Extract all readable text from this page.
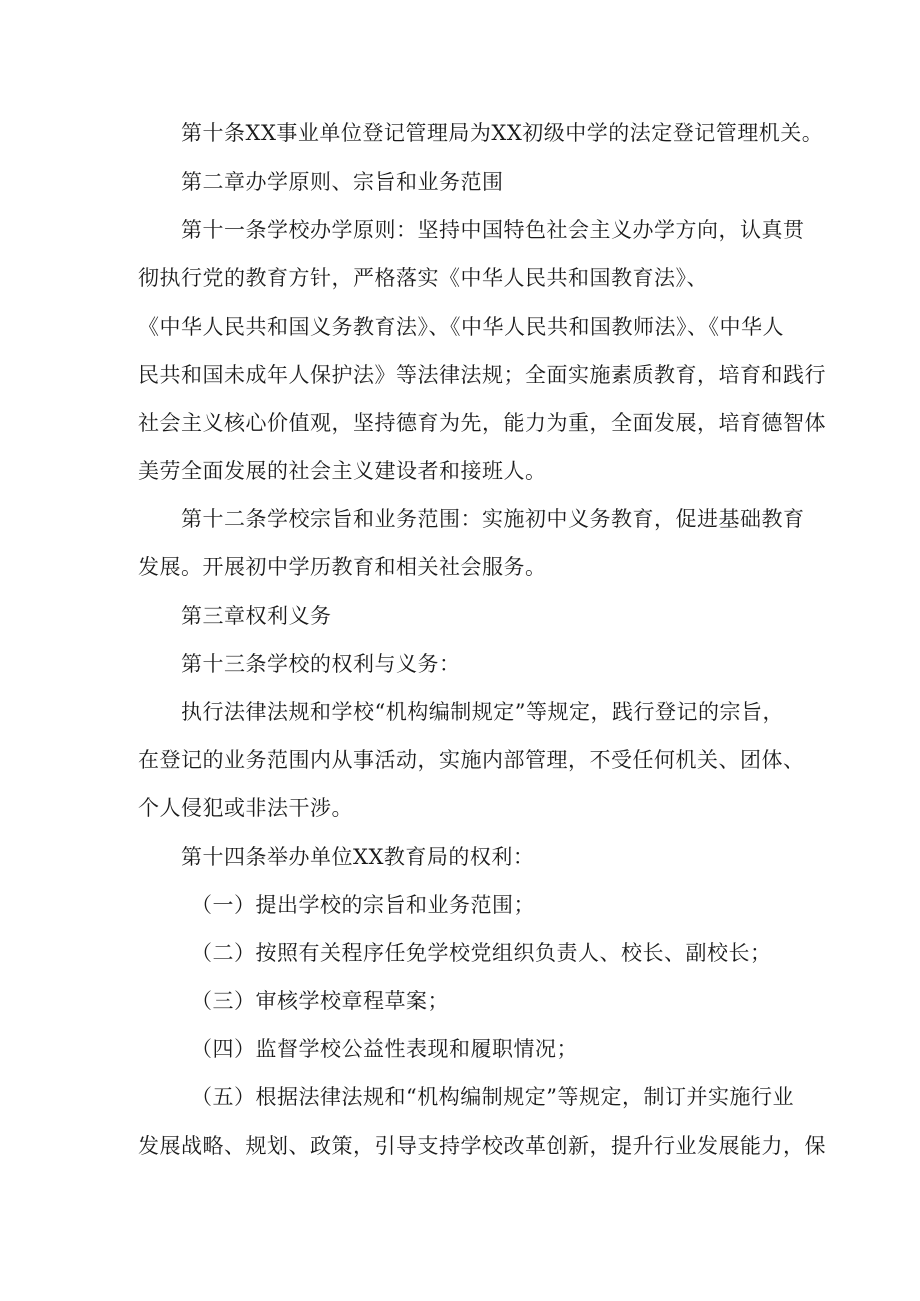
第十条XX事业单位登记管理局为XX初级中学的法定登记管理机关。
第二章办学原则、宗旨和业务范围
第十一条学校办学原则：坚持中国特色社会主义办学方向，认真贯
彻执行党的教育方针，严格落实《中华人民共和国教育法》、
《中华人民共和国义务教育法》、《中华人民共和国教师法》、《中华人
民共和国未成年人保护法》等法律法规；全面实施素质教育，培育和践行
社会主义核心价值观，坚持德育为先，能力为重，全面发展，培育德智体
美劳全面发展的社会主义建设者和接班人。
第十二条学校宗旨和业务范围：实施初中义务教育，促进基础教育
发展。开展初中学历教育和相关社会服务。
第三章权利义务
第十三条学校的权利与义务：
执行法律法规和学校“机构编制规定”等规定，践行登记的宗旨，
在登记的业务范围内从事活动，实施内部管理，不受任何机关、团体、
个人侵犯或非法干涉。
第十四条举办单位XX教育局的权利：
（一）提出学校的宗旨和业务范围；
（二）按照有关程序任免学校党组织负责人、校长、副校长；
（三）审核学校章程草案；
（四）监督学校公益性表现和履职情况；
（五）根据法律法规和“机构编制规定”等规定，制订并实施行业
发展战略、规划、政策，引导支持学校改革创新，提升行业发展能力，保
